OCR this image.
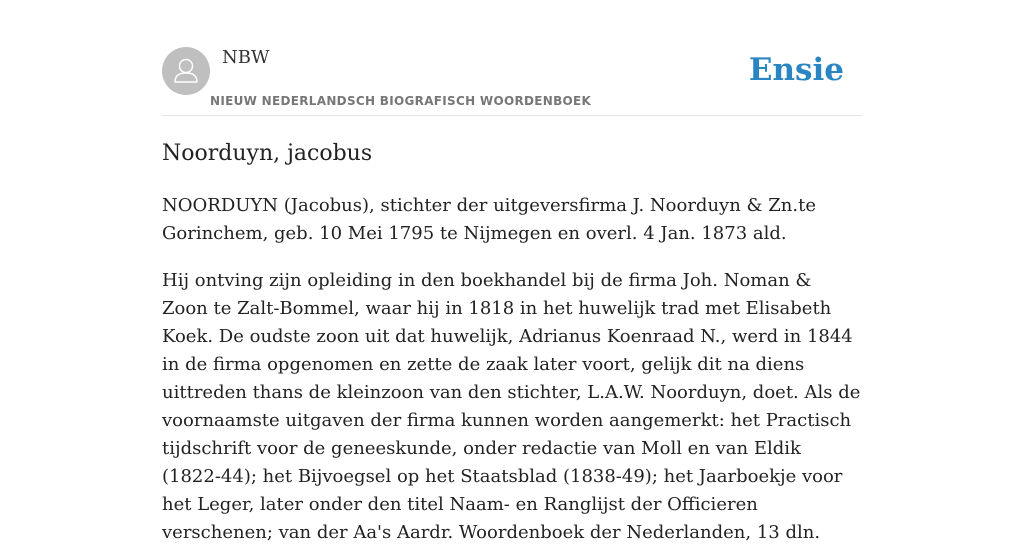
NBW
NIEUW NEDERLANDSCH BIOGRAFISCH WOORDENBOEK
Ensie
Noorduyn, jacobus

NOORDUYN (Jacobus), stichter der uitgeversfirma J. Noorduyn & Zn.te Gorinchem, geb. 10 Mei 1795 te Nijmegen en overl. 4 Jan. 1873 ald.

Hij ontving zijn opleiding in den boekhandel bij de firma Joh. Noman & Zoon te Zalt-Bommel, waar hij in 1818 in het huwelijk trad met Elisabeth Koek. De oudste zoon uit dat huwelijk, Adrianus Koenraad N., werd in 1844 in de firma opgenomen en zette de zaak later voort, gelijk dit na diens uittreden thans de kleinzoon van den stichter, L.A.W. Noorduyn, doet. Als de voornaamste uitgaven der firma kunnen worden aangemerkt: het Practisch tijdschrift voor de geneeskunde, onder redactie van Moll en van Eldik (1822-44); het Bijvoegsel op het Staatsblad (1838-49); het Jaarboekje voor het Leger, later onder den titel Naam- en Ranglijst der Officieren verschenen; van der Aa's Aardr. Woordenboek der Nederlanden, 13 dln.
